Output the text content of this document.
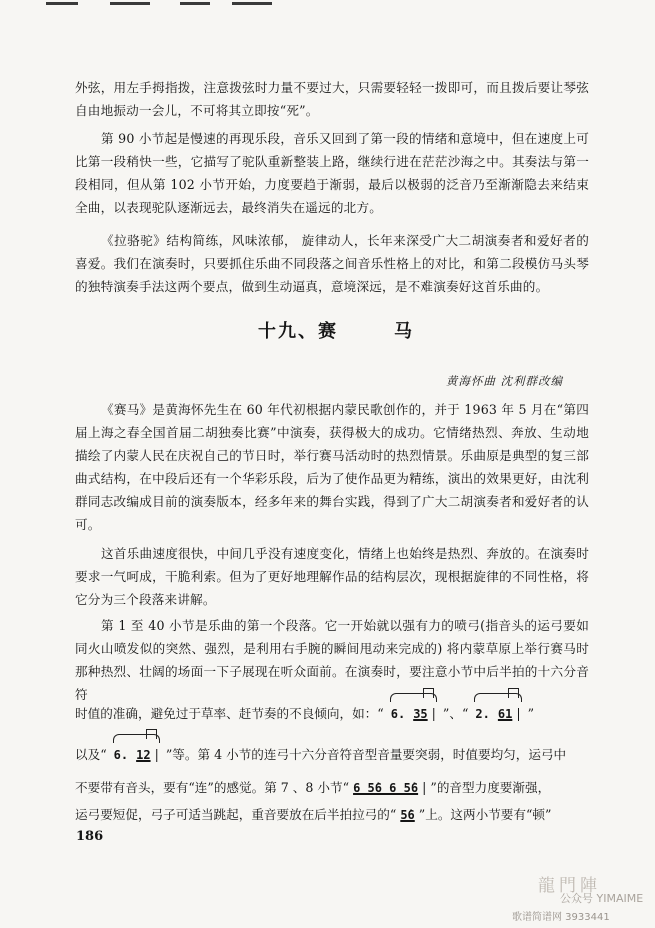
外弦，用左手拇指拨，注意拨弦时力量不要过大，只需要轻轻一拨即可，而且拨后要让琴弦自由地振动一会儿，不可将其立即按“死”。

第 90 小节起是慢速的再现乐段，音乐又回到了第一段的情绪和意境中，但在速度上可比第一段稍快一些，它描写了驼队重新整装上路，继续行进在茫茫沙海之中。其奏法与第一段相同，但从第 102 小节开始，力度要趋于渐弱，最后以极弱的泛音乃至渐渐隐去来结束全曲，以表现驼队逐渐远去，最终消失在遥远的北方。

《拉骆驼》结构简练，风味浓郁， 旋律动人，长年来深受广大二胡演奏者和爱好者的喜爱。我们在演奏时，只要抓住乐曲不同段落之间音乐性格上的对比，和第二段模仿马头琴的独特演奏手法这两个要点，做到生动逼真，意境深远，是不难演奏好这首乐曲的。

十九、赛	马

黄海怀曲 沈利群改编

《赛马》是黄海怀先生在 60 年代初根据内蒙民歌创作的，并于 1963 年 5 月在“第四届上海之春全国首届二胡独奏比赛”中演奏，获得极大的成功。它情绪热烈、奔放、生动地描绘了内蒙人民在庆祝自己的节日时，举行赛马活动时的热烈情景。乐曲原是典型的复三部曲式结构，在中段后还有一个华彩乐段，后为了使作品更为精练，演出的效果更好，由沈利群同志改编成目前的演奏版本，经多年来的舞台实践，得到了广大二胡演奏者和爱好者的认可。

这首乐曲速度很快，中间几乎没有速度变化，情绪上也始终是热烈、奔放的。在演奏时要求一气呵成，干脆利索。但为了更好地理解作品的结构层次，现根据旋律的不同性格，将它分为三个段落来讲解。

第 1 至 40 小节是乐曲的第一个段落。它一开始就以强有力的喷弓(指音头的运弓要如同火山喷发似的突然、强烈，是利用右手腕的瞬间甩动来完成的) 将内蒙草原上举行赛马时那种热烈、壮阔的场面一下子展现在听众面前。在演奏时，要注意小节中后半拍的十六分音符

时值的准确，避免过于草率、赶节奏的不良倾向，如：“ 6. 35 | ”、“ 2. 61 | ”
以及“ 6. 12 | ”等。第 4 小节的连弓十六分音符音型音量要突弱，时值要均匀，运弓中
不要带有音头，要有“连”的感觉。第 7 、8 小节“ 6 5̇6 6 5̇6 | ”的音型力度要渐强，
运弓要短促，弓子可适当跳起，重音要放在后半拍拉弓的“ 5̇6 ”上。这两小节要有“顿”

186

龍門陣
公众号 YIMAIME
歌谱简谱网 3933441
